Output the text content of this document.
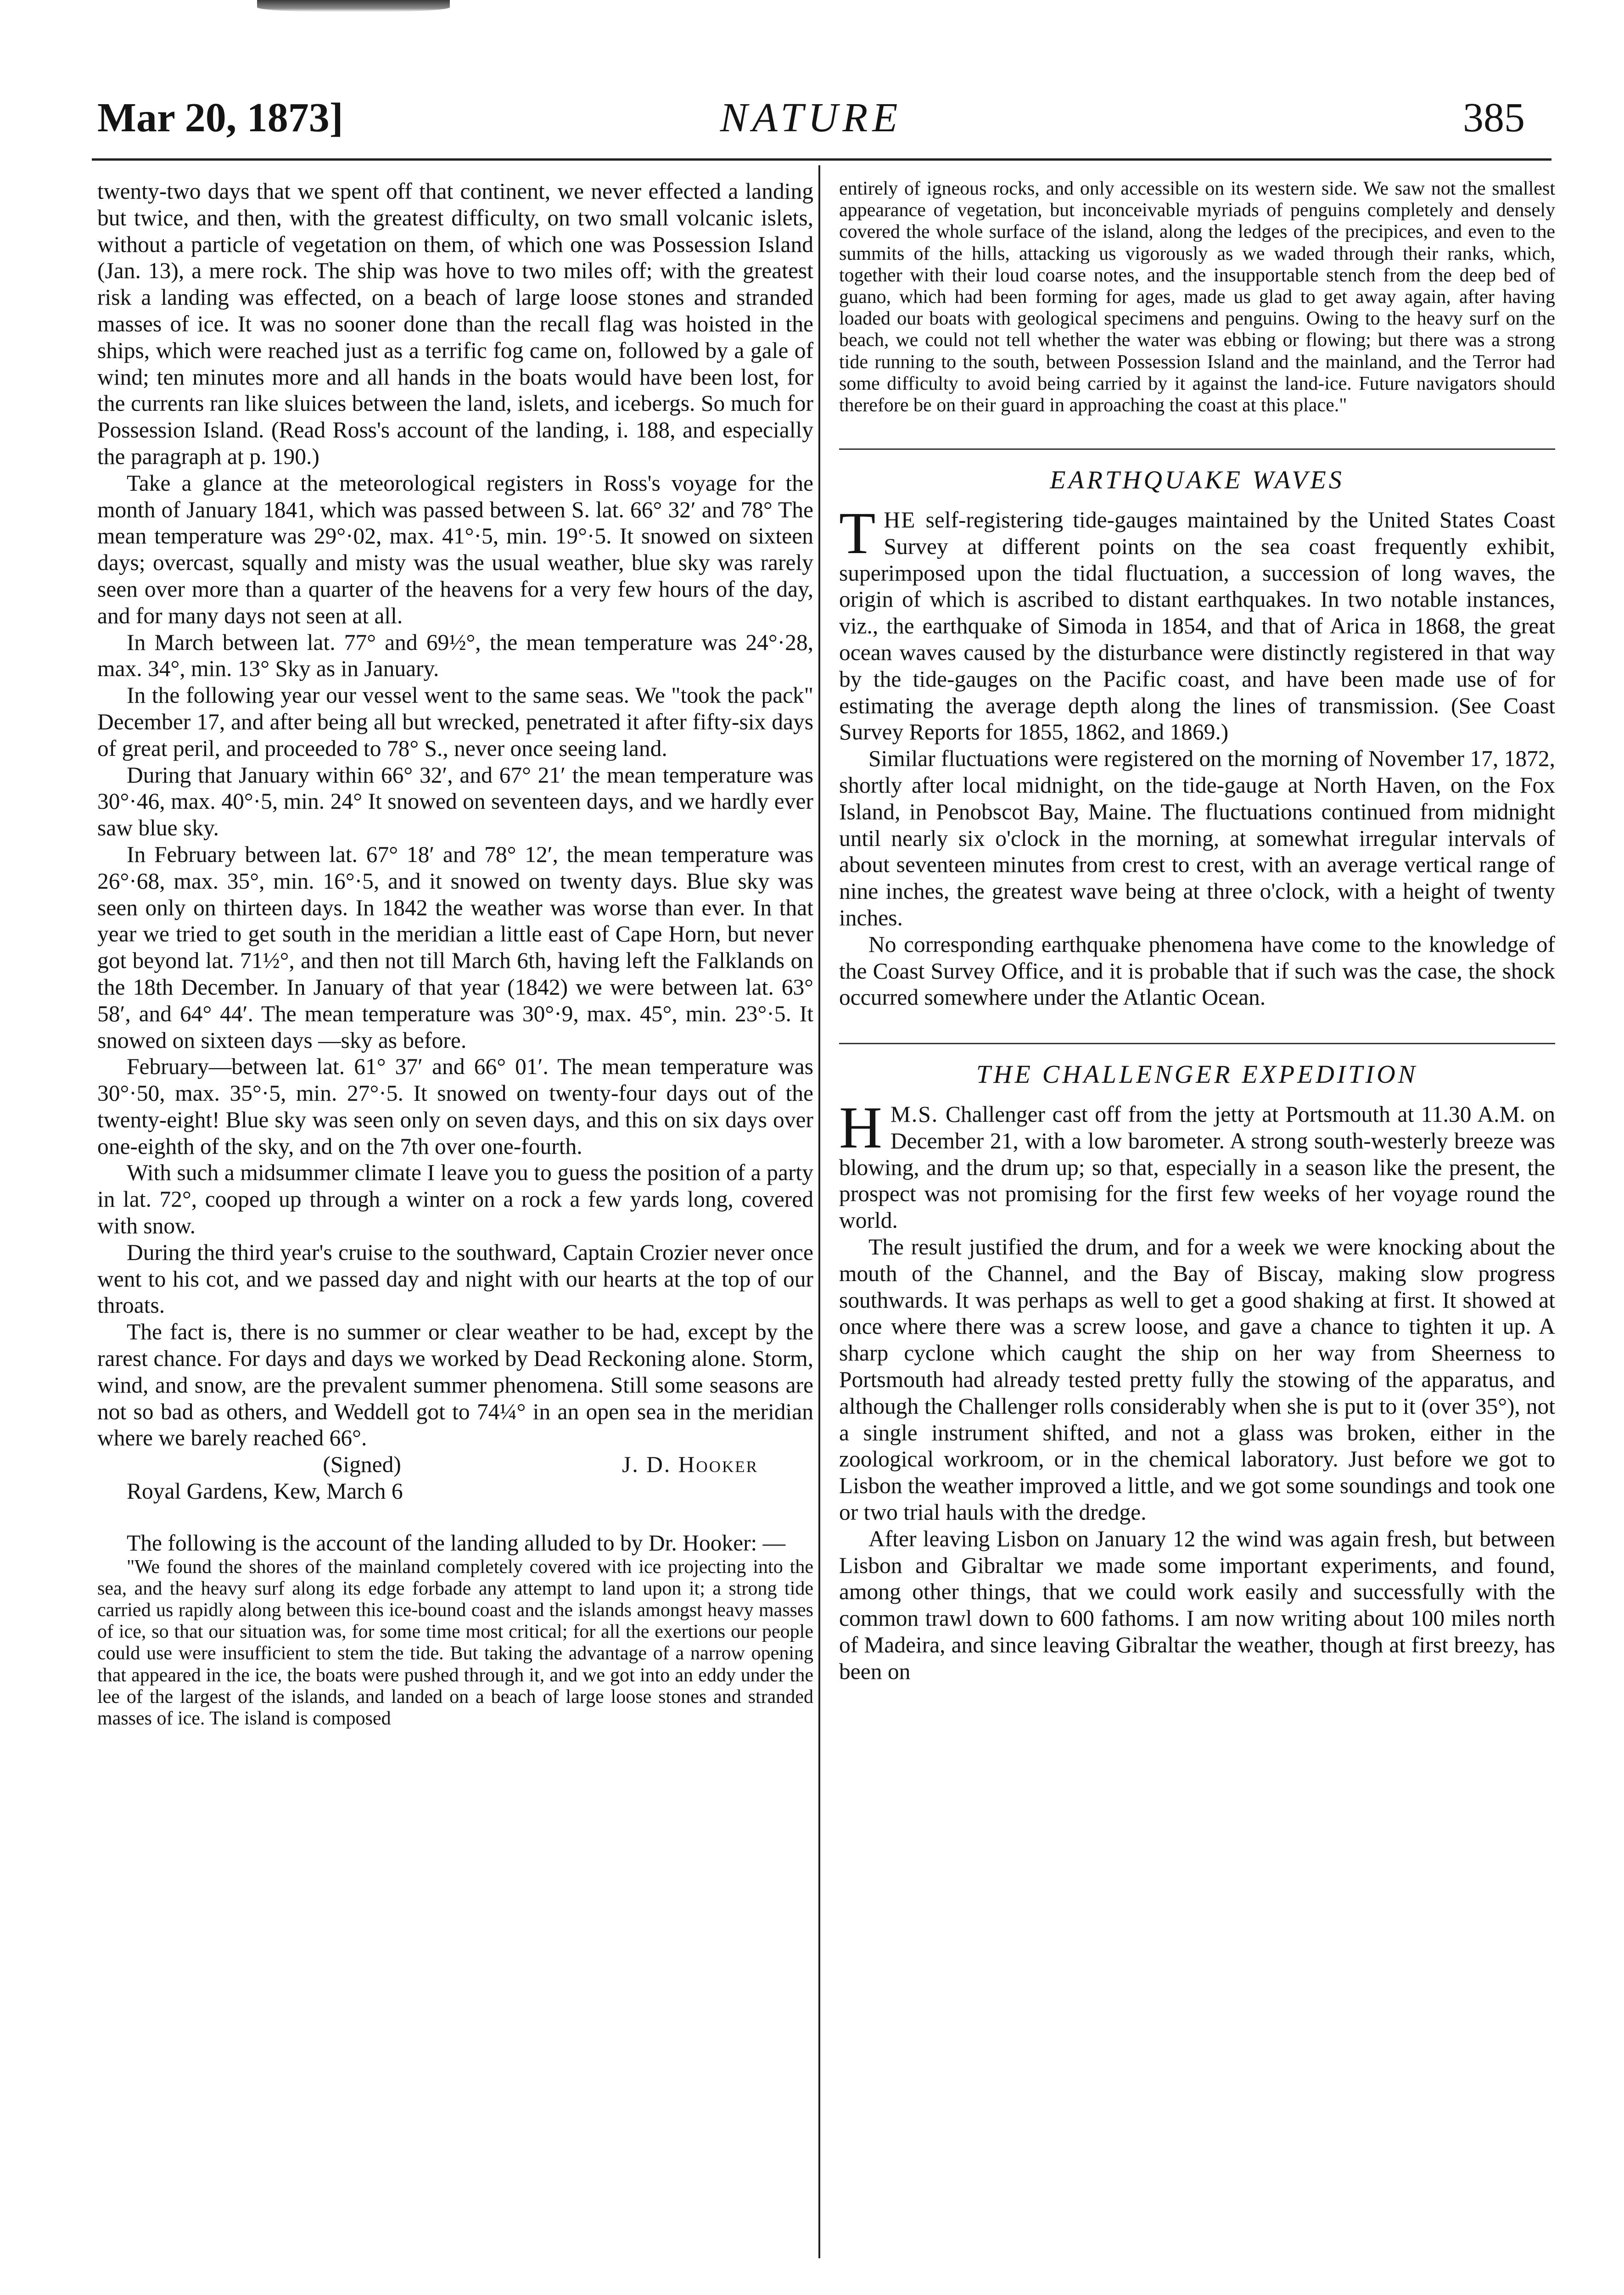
Mar 20, 1873]	NATURE	385

twenty-two days that we spent off that continent, we never effected a landing but twice, and then, with the greatest difficulty, on two small volcanic islets, without a particle of vegetation on them, of which one was Possession Island (Jan. 13), a mere rock. The ship was hove to two miles off; with the greatest risk a landing was effected, on a beach of large loose stones and stranded masses of ice. It was no sooner done than the recall flag was hoisted in the ships, which were reached just as a terrific fog came on, followed by a gale of wind; ten minutes more and all hands in the boats would have been lost, for the currents ran like sluices between the land, islets, and icebergs. So much for Possession Island. (Read Ross's account of the landing, i. 188, and especially the paragraph at p. 190.)

Take a glance at the meteorological registers in Ross's voyage for the month of January 1841, which was passed between S. lat. 66° 32′ and 78° The mean temperature was 29°·02, max. 41°·5, min. 19°·5. It snowed on sixteen days; overcast, squally and misty was the usual weather, blue sky was rarely seen over more than a quarter of the heavens for a very few hours of the day, and for many days not seen at all.

In March between lat. 77° and 69½°, the mean temperature was 24°·28, max. 34°, min. 13° Sky as in January.

In the following year our vessel went to the same seas. We "took the pack" December 17, and after being all but wrecked, penetrated it after fifty-six days of great peril, and proceeded to 78° S., never once seeing land.

During that January within 66° 32′, and 67° 21′ the mean temperature was 30°·46, max. 40°·5, min. 24° It snowed on seventeen days, and we hardly ever saw blue sky.

In February between lat. 67° 18′ and 78° 12′, the mean temperature was 26°·68, max. 35°, min. 16°·5, and it snowed on twenty days. Blue sky was seen only on thirteen days. In 1842 the weather was worse than ever. In that year we tried to get south in the meridian a little east of Cape Horn, but never got beyond lat. 71½°, and then not till March 6th, having left the Falklands on the 18th December. In January of that year (1842) we were between lat. 63° 58′, and 64° 44′. The mean temperature was 30°·9, max. 45°, min. 23°·5. It snowed on sixteen days —sky as before.

February—between lat. 61° 37′ and 66° 01′. The mean temperature was 30°·50, max. 35°·5, min. 27°·5. It snowed on twenty-four days out of the twenty-eight! Blue sky was seen only on seven days, and this on six days over one-eighth of the sky, and on the 7th over one-fourth.

With such a midsummer climate I leave you to guess the position of a party in lat. 72°, cooped up through a winter on a rock a few yards long, covered with snow.

During the third year's cruise to the southward, Captain Crozier never once went to his cot, and we passed day and night with our hearts at the top of our throats.

The fact is, there is no summer or clear weather to be had, except by the rarest chance. For days and days we worked by Dead Reckoning alone. Storm, wind, and snow, are the prevalent summer phenomena. Still some seasons are not so bad as others, and Weddell got to 74¼° in an open sea in the meridian where we barely reached 66°.

(Signed)	J. D. Hooker
Royal Gardens, Kew, March 6

The following is the account of the landing alluded to by Dr. Hooker: —

"We found the shores of the mainland completely covered with ice projecting into the sea, and the heavy surf along its edge forbade any attempt to land upon it; a strong tide carried us rapidly along between this ice-bound coast and the islands amongst heavy masses of ice, so that our situation was, for some time most critical; for all the exertions our people could use were insufficient to stem the tide. But taking the advantage of a narrow opening that appeared in the ice, the boats were pushed through it, and we got into an eddy under the lee of the largest of the islands, and landed on a beach of large loose stones and stranded masses of ice. The island is composed

entirely of igneous rocks, and only accessible on its western side. We saw not the smallest appearance of vegetation, but inconceivable myriads of penguins completely and densely covered the whole surface of the island, along the ledges of the precipices, and even to the summits of the hills, attacking us vigorously as we waded through their ranks, which, together with their loud coarse notes, and the insupportable stench from the deep bed of guano, which had been forming for ages, made us glad to get away again, after having loaded our boats with geological specimens and penguins. Owing to the heavy surf on the beach, we could not tell whether the water was ebbing or flowing; but there was a strong tide running to the south, between Possession Island and the mainland, and the Terror had some difficulty to avoid being carried by it against the land-ice. Future navigators should therefore be on their guard in approaching the coast at this place."

EARTHQUAKE WAVES

THE self-registering tide-gauges maintained by the United States Coast Survey at different points on the sea coast frequently exhibit, superimposed upon the tidal fluctuation, a succession of long waves, the origin of which is ascribed to distant earthquakes. In two notable instances, viz., the earthquake of Simoda in 1854, and that of Arica in 1868, the great ocean waves caused by the disturbance were distinctly registered in that way by the tide-gauges on the Pacific coast, and have been made use of for estimating the average depth along the lines of transmission. (See Coast Survey Reports for 1855, 1862, and 1869.)

Similar fluctuations were registered on the morning of November 17, 1872, shortly after local midnight, on the tide-gauge at North Haven, on the Fox Island, in Penobscot Bay, Maine. The fluctuations continued from midnight until nearly six o'clock in the morning, at somewhat irregular intervals of about seventeen minutes from crest to crest, with an average vertical range of nine inches, the greatest wave being at three o'clock, with a height of twenty inches.

No corresponding earthquake phenomena have come to the knowledge of the Coast Survey Office, and it is probable that if such was the case, the shock occurred somewhere under the Atlantic Ocean.

THE CHALLENGER EXPEDITION

H M.S. Challenger cast off from the jetty at Portsmouth at 11.30 A.M. on December 21, with a low barometer. A strong south-westerly breeze was blowing, and the drum up; so that, especially in a season like the present, the prospect was not promising for the first few weeks of her voyage round the world.

The result justified the drum, and for a week we were knocking about the mouth of the Channel, and the Bay of Biscay, making slow progress southwards. It was perhaps as well to get a good shaking at first. It showed at once where there was a screw loose, and gave a chance to tighten it up. A sharp cyclone which caught the ship on her way from Sheerness to Portsmouth had already tested pretty fully the stowing of the apparatus, and although the Challenger rolls considerably when she is put to it (over 35°), not a single instrument shifted, and not a glass was broken, either in the zoological workroom, or in the chemical laboratory. Just before we got to Lisbon the weather improved a little, and we got some soundings and took one or two trial hauls with the dredge.

After leaving Lisbon on January 12 the wind was again fresh, but between Lisbon and Gibraltar we made some important experiments, and found, among other things, that we could work easily and successfully with the common trawl down to 600 fathoms. I am now writing about 100 miles north of Madeira, and since leaving Gibraltar the weather, though at first breezy, has been on
